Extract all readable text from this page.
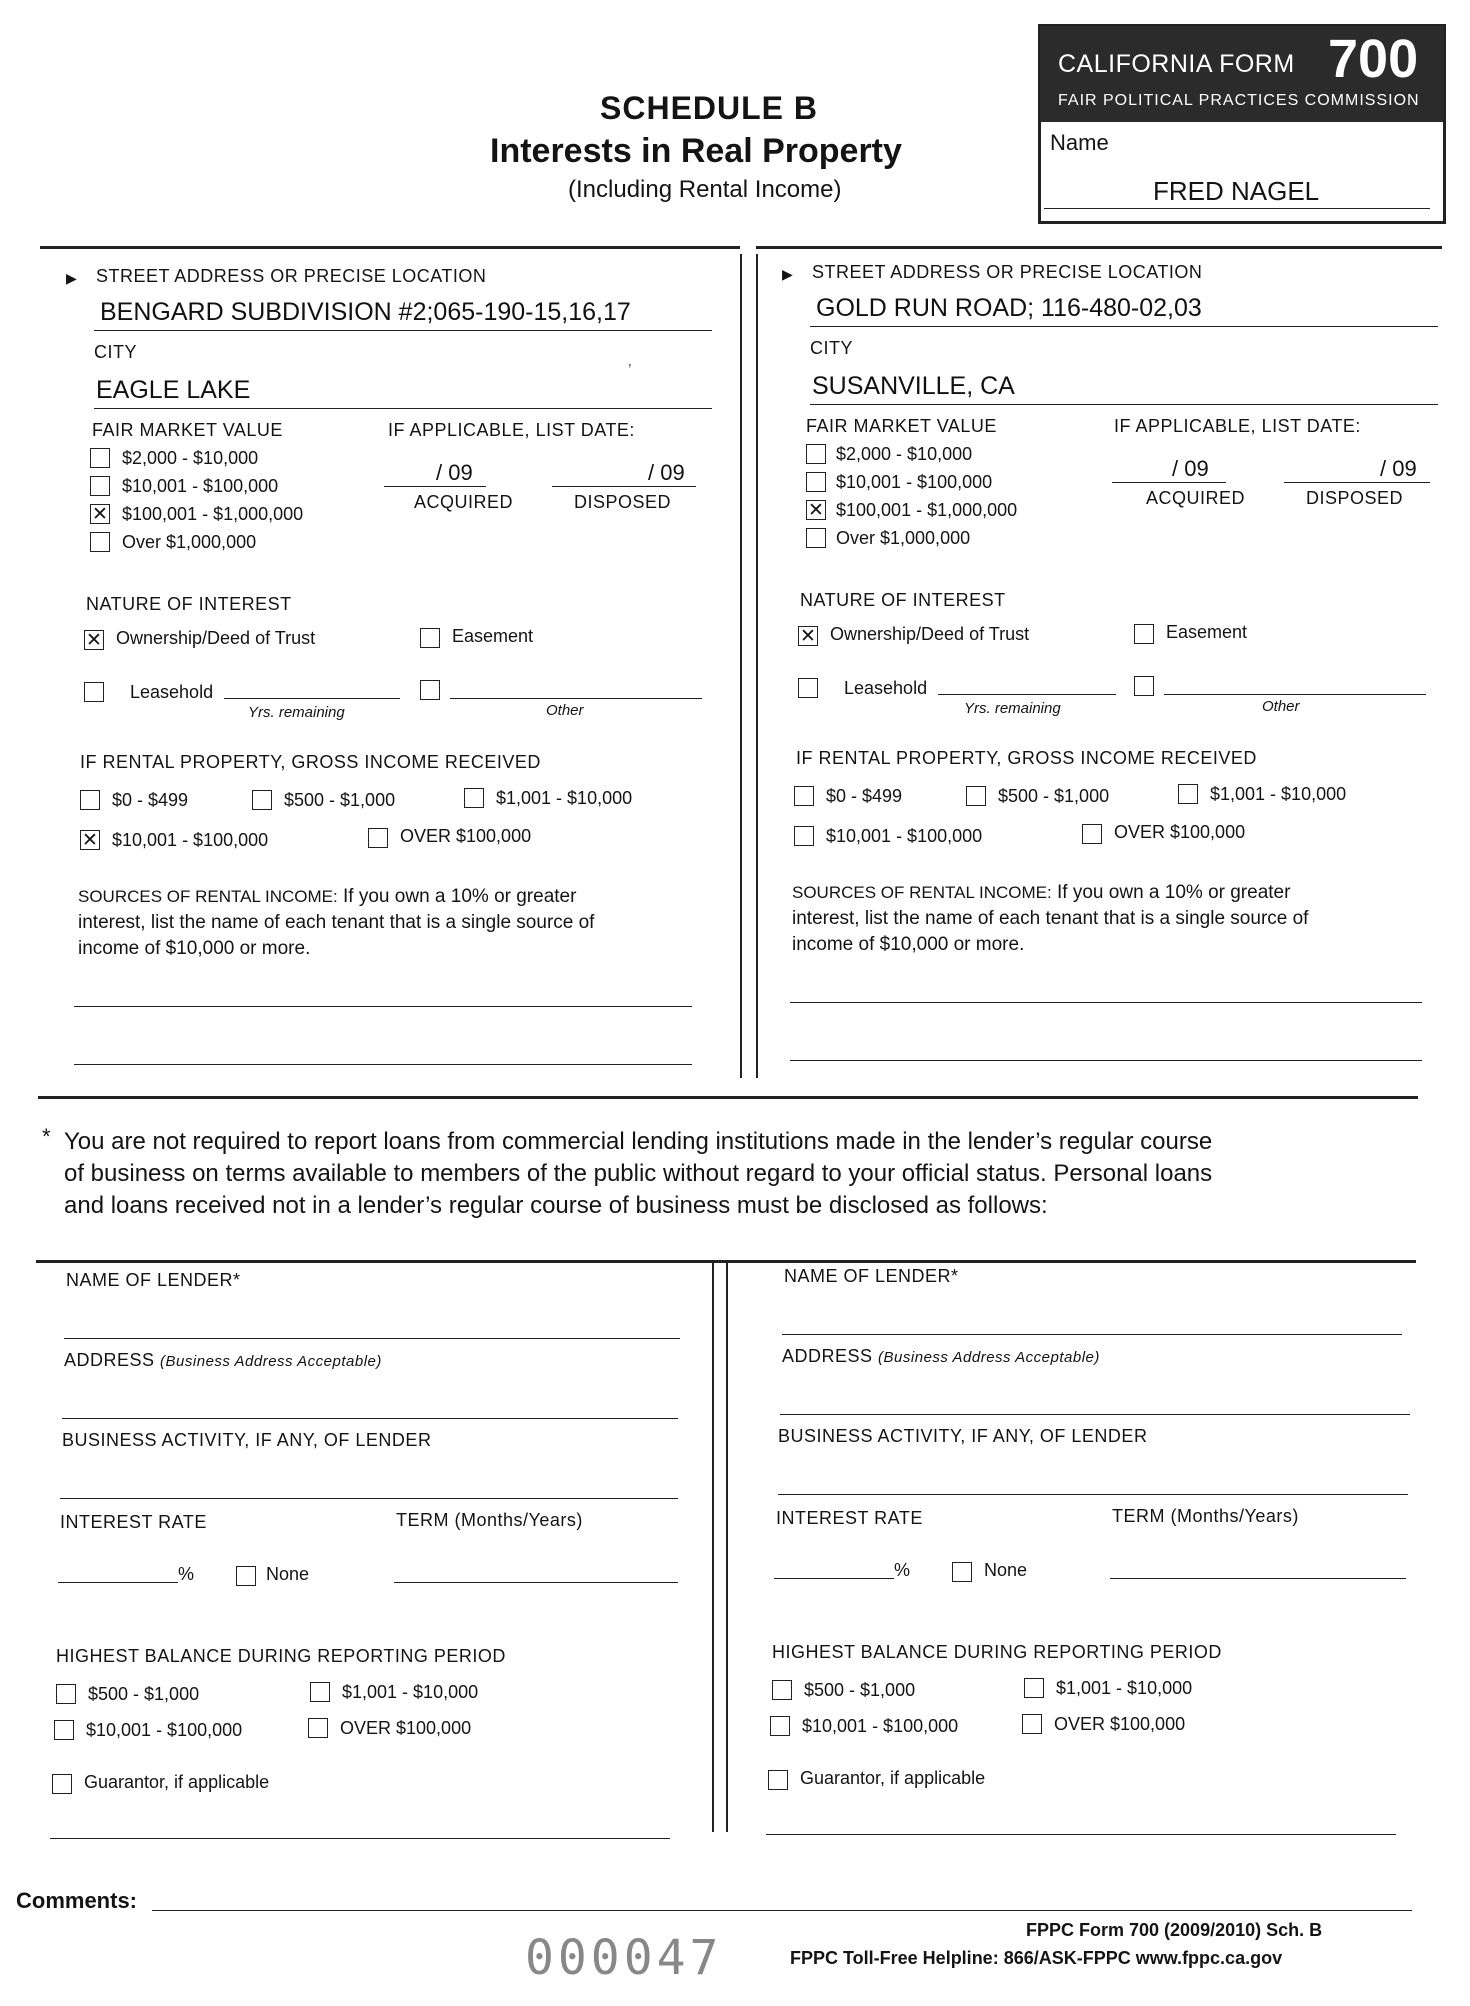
SCHEDULE B
Interests in Real Property
(Including Rental Income)
CALIFORNIA FORM 700
FAIR POLITICAL PRACTICES COMMISSION
Name
FRED NAGEL
▶ STREET ADDRESS OR PRECISE LOCATION
BENGARD SUBDIVISION #2;065-190-15,16,17
CITY
EAGLE LAKE
’
FAIR MARKET VALUE	IF APPLICABLE, LIST DATE:
$2,000 - $10,000
$10,001 - $100,000
✕ $100,001 - $1,000,000
Over $1,000,000
/ 09
ACQUIRED
/ 09
DISPOSED
NATURE OF INTEREST
✕ Ownership/Deed of Trust	Easement
Leasehold
Yrs. remaining	Other
IF RENTAL PROPERTY, GROSS INCOME RECEIVED
$0 - $499	$500 - $1,000	$1,001 - $10,000
✕ $10,001 - $100,000	OVER $100,000
SOURCES OF RENTAL INCOME: If you own a 10% or greater
interest, list the name of each tenant that is a single source of
income of $10,000 or more.
▶ STREET ADDRESS OR PRECISE LOCATION
GOLD RUN ROAD; 116-480-02,03
CITY
SUSANVILLE, CA
FAIR MARKET VALUE	IF APPLICABLE, LIST DATE:
$2,000 - $10,000
$10,001 - $100,000
✕ $100,001 - $1,000,000
Over $1,000,000
/ 09
ACQUIRED
/ 09
DISPOSED
NATURE OF INTEREST
✕ Ownership/Deed of Trust	Easement
Leasehold
Yrs. remaining	Other
IF RENTAL PROPERTY, GROSS INCOME RECEIVED
$0 - $499	$500 - $1,000	$1,001 - $10,000
$10,001 - $100,000	OVER $100,000
SOURCES OF RENTAL INCOME: If you own a 10% or greater
interest, list the name of each tenant that is a single source of
income of $10,000 or more.
* You are not required to report loans from commercial lending institutions made in the lender’s regular course
of business on terms available to members of the public without regard to your official status. Personal loans
and loans received not in a lender’s regular course of business must be disclosed as follows:
NAME OF LENDER*
ADDRESS (Business Address Acceptable)
BUSINESS ACTIVITY, IF ANY, OF LENDER
INTEREST RATE	TERM (Months/Years)
%	None
HIGHEST BALANCE DURING REPORTING PERIOD
$500 - $1,000	$1,001 - $10,000
$10,001 - $100,000	OVER $100,000
Guarantor, if applicable
NAME OF LENDER*
ADDRESS (Business Address Acceptable)
BUSINESS ACTIVITY, IF ANY, OF LENDER
INTEREST RATE	TERM (Months/Years)
%	None
HIGHEST BALANCE DURING REPORTING PERIOD
$500 - $1,000	$1,001 - $10,000
$10,001 - $100,000	OVER $100,000
Guarantor, if applicable
Comments:
FPPC Form 700 (2009/2010) Sch. B
FPPC Toll-Free Helpline: 866/ASK-FPPC www.fppc.ca.gov
000047
